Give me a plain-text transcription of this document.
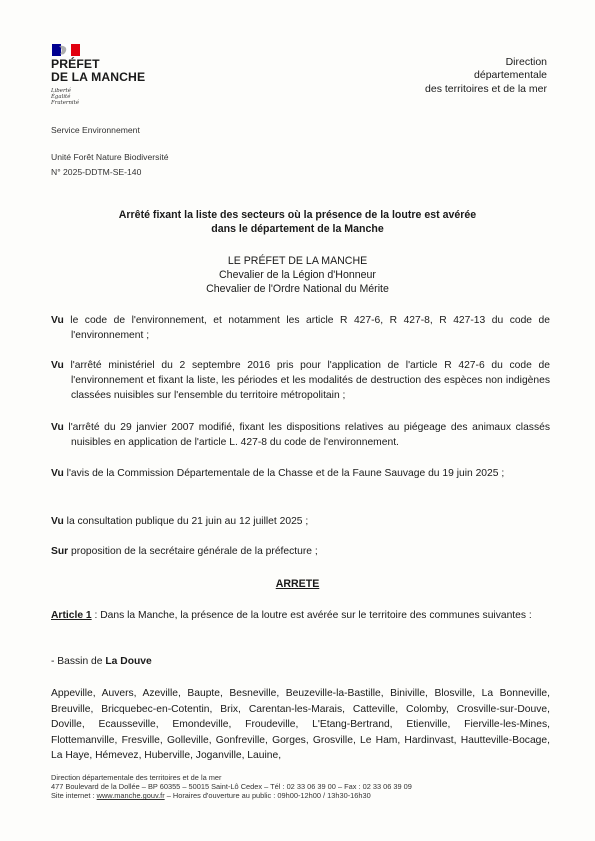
PRÉFET
DE LA MANCHE
Liberté
Égalité
Fraternité
Direction
départementale
des territoires et de la mer
Service Environnement
Unité Forêt Nature Biodiversité
N° 2025-DDTM-SE-140
Arrêté fixant la liste des secteurs où la présence de la loutre est avérée
dans le département de la Manche
LE PRÉFET DE LA MANCHE
Chevalier de la Légion d'Honneur
Chevalier de l'Ordre National du Mérite
Vu le code de l'environnement, et notamment les article R 427-6, R 427-8, R 427-13 du code de l'environnement ;
Vu l'arrêté ministériel du 2 septembre 2016 pris pour l'application de l'article R 427-6 du code de l'environnement et fixant la liste, les périodes et les modalités de destruction des espèces non indigènes classées nuisibles sur l'ensemble du territoire métropolitain ;
Vu l'arrêté du 29 janvier 2007 modifié, fixant les dispositions relatives au piégeage des animaux classés nuisibles en application de l'article L. 427-8 du code de l'environnement.
Vu l'avis de la Commission Départementale de la Chasse et de la Faune Sauvage du 19 juin 2025 ;
Vu la consultation publique du 21 juin au 12 juillet 2025 ;
Sur proposition de la secrétaire générale de la préfecture ;
ARRETE
Article 1 : Dans la Manche, la présence de la loutre est avérée sur le territoire des communes suivantes :
- Bassin de La Douve
Appeville, Auvers, Azeville, Baupte, Besneville, Beuzeville-la-Bastille, Biniville, Blosville, La Bonneville, Breuville, Bricquebec-en-Cotentin, Brix, Carentan-les-Marais, Catteville, Colomby, Crosville-sur-Douve, Doville, Ecausseville, Emondeville, Froudeville, L'Etang-Bertrand, Etienville, Fierville-les-Mines, Flottemanville, Fresville, Golleville, Gonfreville, Gorges, Grosville, Le Ham, Hardinvast, Hautteville-Bocage, La Haye, Hémevez, Huberville, Joganville, Lauine,
Direction départementale des territoires et de la mer
477 Boulevard de la Dollée – BP 60355 – 50015 Saint-Lô Cedex – Tél : 02 33 06 39 00 – Fax : 02 33 06 39 09
Site internet : www.manche.gouv.fr – Horaires d'ouverture au public : 09h00-12h00 / 13h30-16h30
